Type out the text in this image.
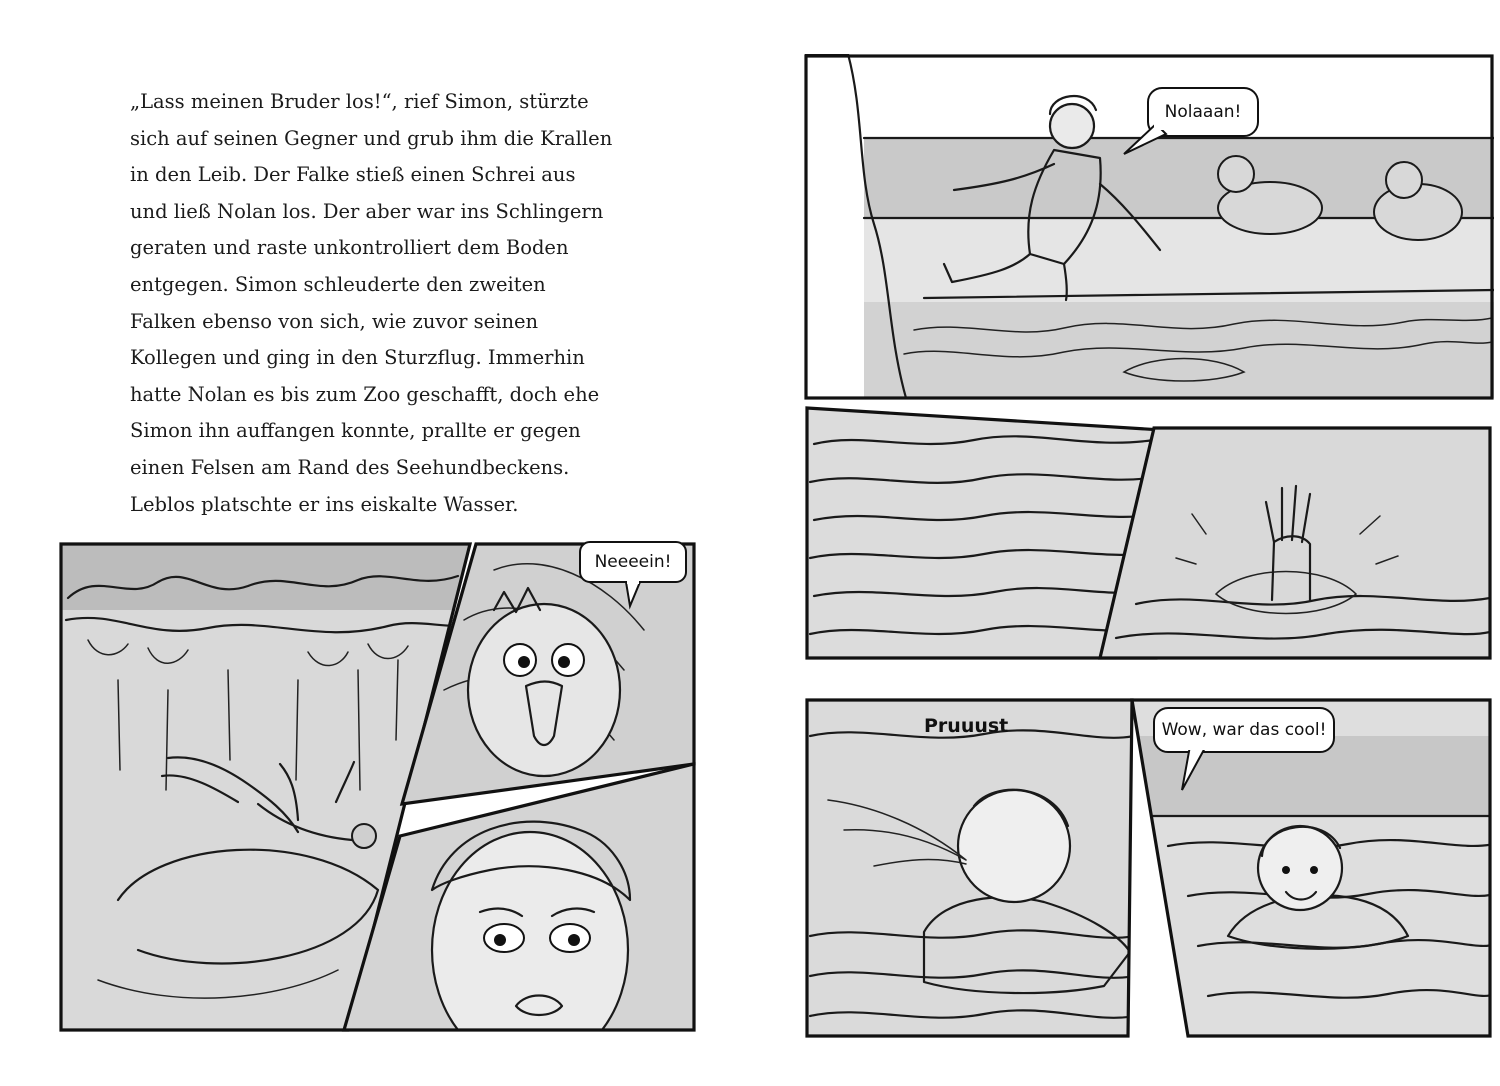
„Lass meinen Bruder los!“, rief Simon, stürzte
sich auf seinen Gegner und grub ihm die Krallen
in den Leib. Der Falke stieß einen Schrei aus
und ließ Nolan los. Der aber war ins Schlingern
geraten und raste unkontrolliert dem Boden
entgegen. Simon schleuderte den zweiten
Falken ebenso von sich, wie zuvor seinen
Kollegen und ging in den Sturzflug. Immerhin
hatte Nolan es bis zum Zoo geschafft, doch ehe
Simon ihn auffangen konnte, prallte er gegen
einen Felsen am Rand des Seehundbeckens.
Leblos platschte er ins eiskalte Wasser.
Neeeein!
Nolaaan!
Pruuust	Wow, war das cool!
